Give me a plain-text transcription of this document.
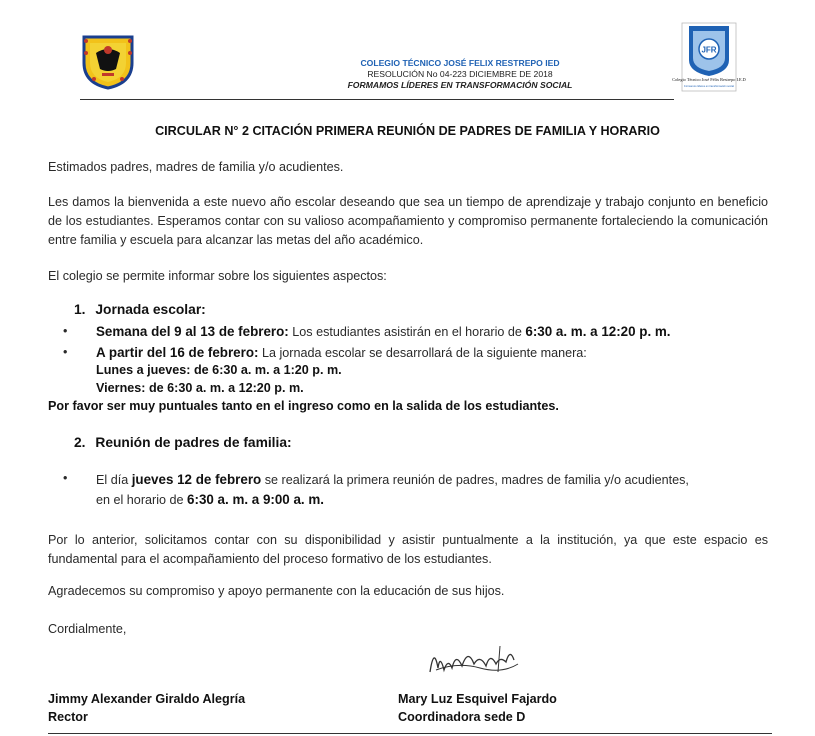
JFR
Colegio Técnico José Félix Restrepo I.E.D
Formamos líderes en transformación social
COLEGIO TÉCNICO JOSÉ FELIX RESTREPO IED
RESOLUCIÓN No 04-223 DICIEMBRE DE 2018
FORMAMOS LÍDERES EN TRANSFORMACIÓN SOCIAL
CIRCULAR N° 2 CITACIÓN PRIMERA REUNIÓN DE PADRES DE FAMILIA Y HORARIO

Estimados padres, madres de familia y/o acudientes.

Les damos la bienvenida a este nuevo año escolar deseando que sea un tiempo de aprendizaje y trabajo conjunto en beneficio de los estudiantes. Esperamos contar con su valioso acompañamiento y compromiso permanente fortaleciendo la comunicación entre familia y escuela para alcanzar las metas del año académico.

El colegio se permite informar sobre los siguientes aspectos:

1. Jornada escolar:
• Semana del 9 al 13 de febrero: Los estudiantes asistirán en el horario de 6:30 a. m. a 12:20 p. m.
• A partir del 16 de febrero: La jornada escolar se desarrollará de la siguiente manera:
Lunes a jueves: de 6:30 a. m. a 1:20 p. m.
Viernes: de 6:30 a. m. a 12:20 p. m.
Por favor ser muy puntuales tanto en el ingreso como en la salida de los estudiantes.
2. Reunión de padres de familia:
• El día jueves 12 de febrero se realizará la primera reunión de padres, madres de familia y/o acudientes,
en el horario de 6:30 a. m. a 9:00 a. m.

Por lo anterior, solicitamos contar con su disponibilidad y asistir puntualmente a la institución, ya que este espacio es fundamental para el acompañamiento del proceso formativo de los estudiantes.

Agradecemos su compromiso y apoyo permanente con la educación de sus hijos.

Cordialmente,

Jimmy Alexander Giraldo Alegría
Rector
Mary Luz Esquivel Fajardo
Coordinadora sede D
